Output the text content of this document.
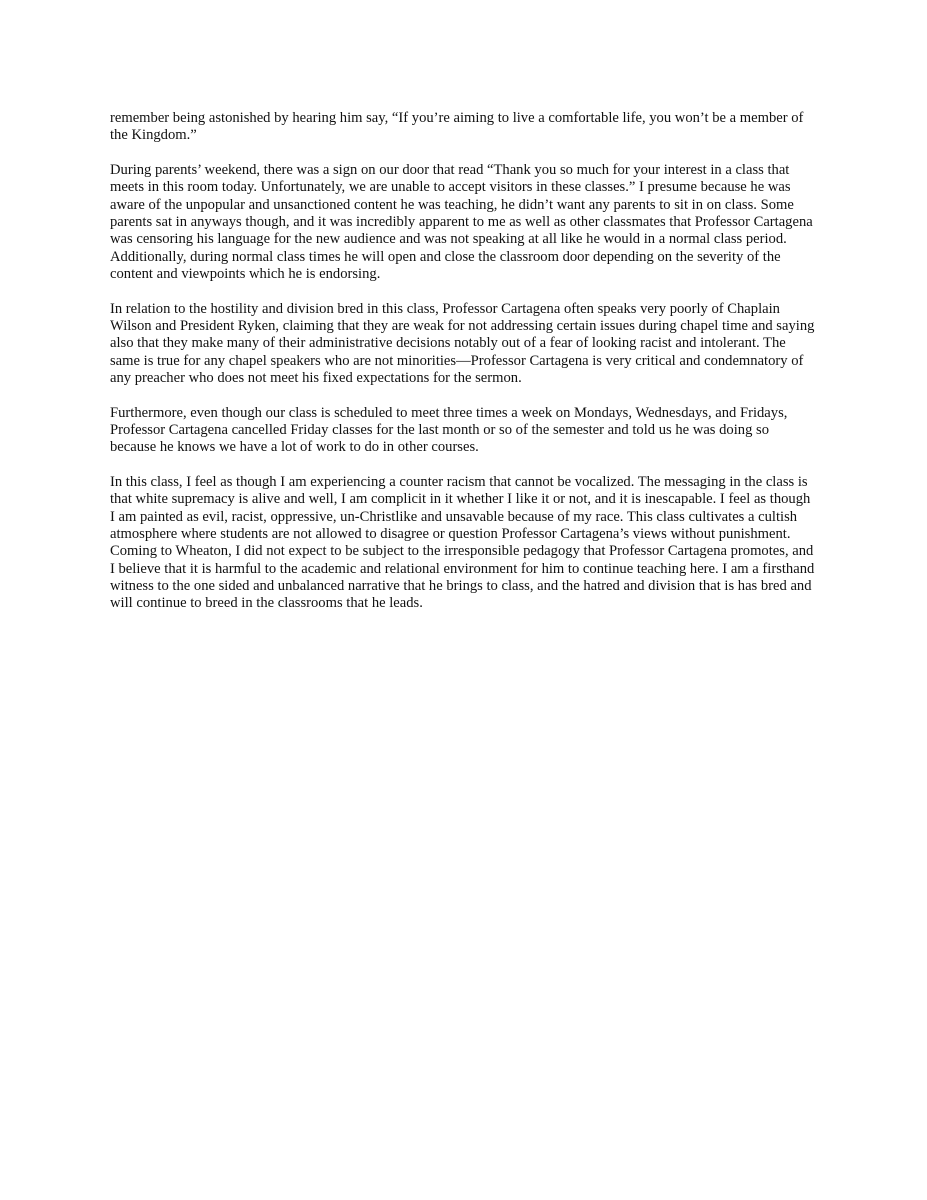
remember being astonished by hearing him say, “If you’re aiming to live a comfortable life, you won’t be a member of the Kingdom.”

During parents’ weekend, there was a sign on our door that read “Thank you so much for your interest in a class that meets in this room today. Unfortunately, we are unable to accept visitors in these classes.” I presume because he was aware of the unpopular and unsanctioned content he was teaching, he didn’t want any parents to sit in on class. Some parents sat in anyways though, and it was incredibly apparent to me as well as other classmates that Professor Cartagena was censoring his language for the new audience and was not speaking at all like he would in a normal class period. Additionally, during normal class times he will open and close the classroom door depending on the severity of the content and viewpoints which he is endorsing.

In relation to the hostility and division bred in this class, Professor Cartagena often speaks very poorly of Chaplain Wilson and President Ryken, claiming that they are weak for not addressing certain issues during chapel time and saying also that they make many of their administrative decisions notably out of a fear of looking racist and intolerant. The same is true for any chapel speakers who are not minorities—Professor Cartagena is very critical and condemnatory of any preacher who does not meet his fixed expectations for the sermon.

Furthermore, even though our class is scheduled to meet three times a week on Mondays, Wednesdays, and Fridays, Professor Cartagena cancelled Friday classes for the last month or so of the semester and told us he was doing so because he knows we have a lot of work to do in other courses.

In this class, I feel as though I am experiencing a counter racism that cannot be vocalized. The messaging in the class is that white supremacy is alive and well, I am complicit in it whether I like it or not, and it is inescapable. I feel as though I am painted as evil, racist, oppressive, un-Christlike and unsavable because of my race. This class cultivates a cultish atmosphere where students are not allowed to disagree or question Professor Cartagena’s views without punishment. Coming to Wheaton, I did not expect to be subject to the irresponsible pedagogy that Professor Cartagena promotes, and I believe that it is harmful to the academic and relational environment for him to continue teaching here. I am a firsthand witness to the one sided and unbalanced narrative that he brings to class, and the hatred and division that is has bred and will continue to breed in the classrooms that he leads.
